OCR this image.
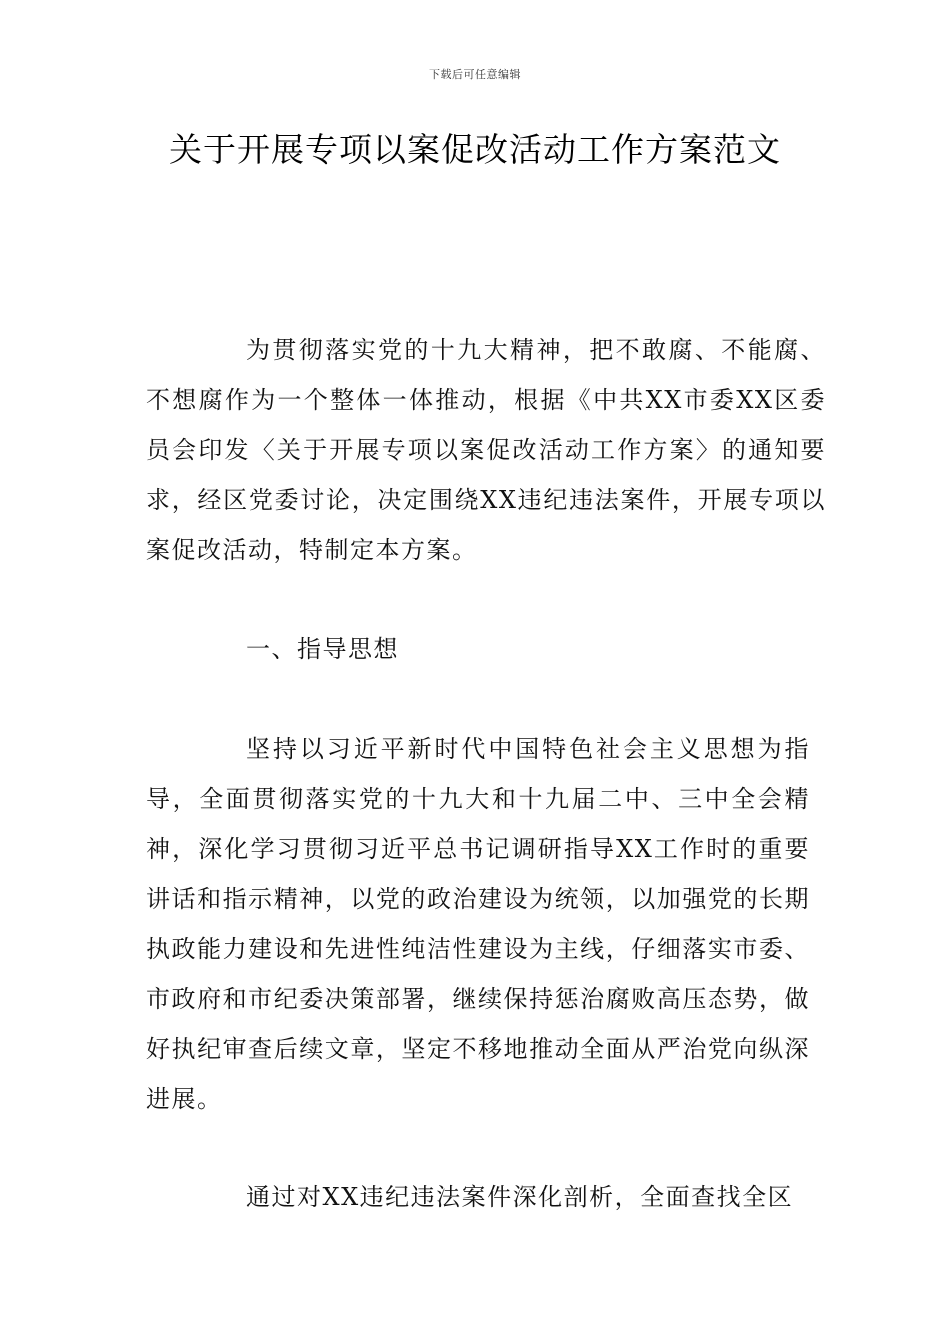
下载后可任意编辑
关于开展专项以案促改活动工作方案范文

为贯彻落实党的十九大精神，把不敢腐、不能腐、不想腐作为一个整体一体推动，根据《中共XX市委XX区委员会印发〈关于开展专项以案促改活动工作方案〉的通知要求，经区党委讨论，决定围绕XX违纪违法案件，开展专项以案促改活动，特制定本方案。

一、指导思想

坚持以习近平新时代中国特色社会主义思想为指导，全面贯彻落实党的十九大和十九届二中、三中全会精神，深化学习贯彻习近平总书记调研指导XX工作时的重要讲话和指示精神，以党的政治建设为统领，以加强党的长期执政能力建设和先进性纯洁性建设为主线，仔细落实市委、市政府和市纪委决策部署，继续保持惩治腐败高压态势，做好执纪审查后续文章，坚定不移地推动全面从严治党向纵深进展。

通过对XX违纪违法案件深化剖析，全面查找全区
